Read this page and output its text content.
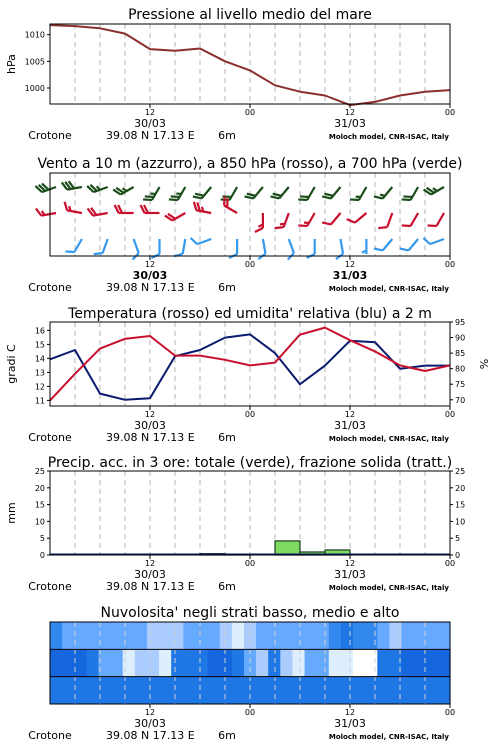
Pressione al livello medio del mare
1000
1005
1010
hPa
12	00	12	00
30/03	31/03
Crotone	39.08 N 17.13 E 6m	Moloch model, CNR-ISAC, Italy
Vento a 10 m (azzurro), a 850 hPa (rosso), a 700 hPa (verde)
12	00	12	00
30/03	31/03
Crotone	39.08 N 17.13 E 6m	Moloch model, CNR-ISAC, Italy
Temperatura (rosso) ed umidita' relativa (blu) a 2 m
11
12
13
14
15
16
70
75
80
85
90
95
gradi C	%
12	00	12	00
30/03	31/03
Crotone	39.08 N 17.13 E 6m	Moloch model, CNR-ISAC, Italy
Precip. acc. in 3 ore: totale (verde), frazione solida (tratt.)
0
5
10
15
20
25
0
5
10
15
20
25
mm
12	00	12	00
30/03	31/03
Crotone	39.08 N 17.13 E 6m	Moloch model, CNR-ISAC, Italy
Nuvolosita' negli strati basso, medio e alto
12	00	12	00
30/03	31/03
Crotone	39.08 N 17.13 E 6m	Moloch model, CNR-ISAC, Italy
